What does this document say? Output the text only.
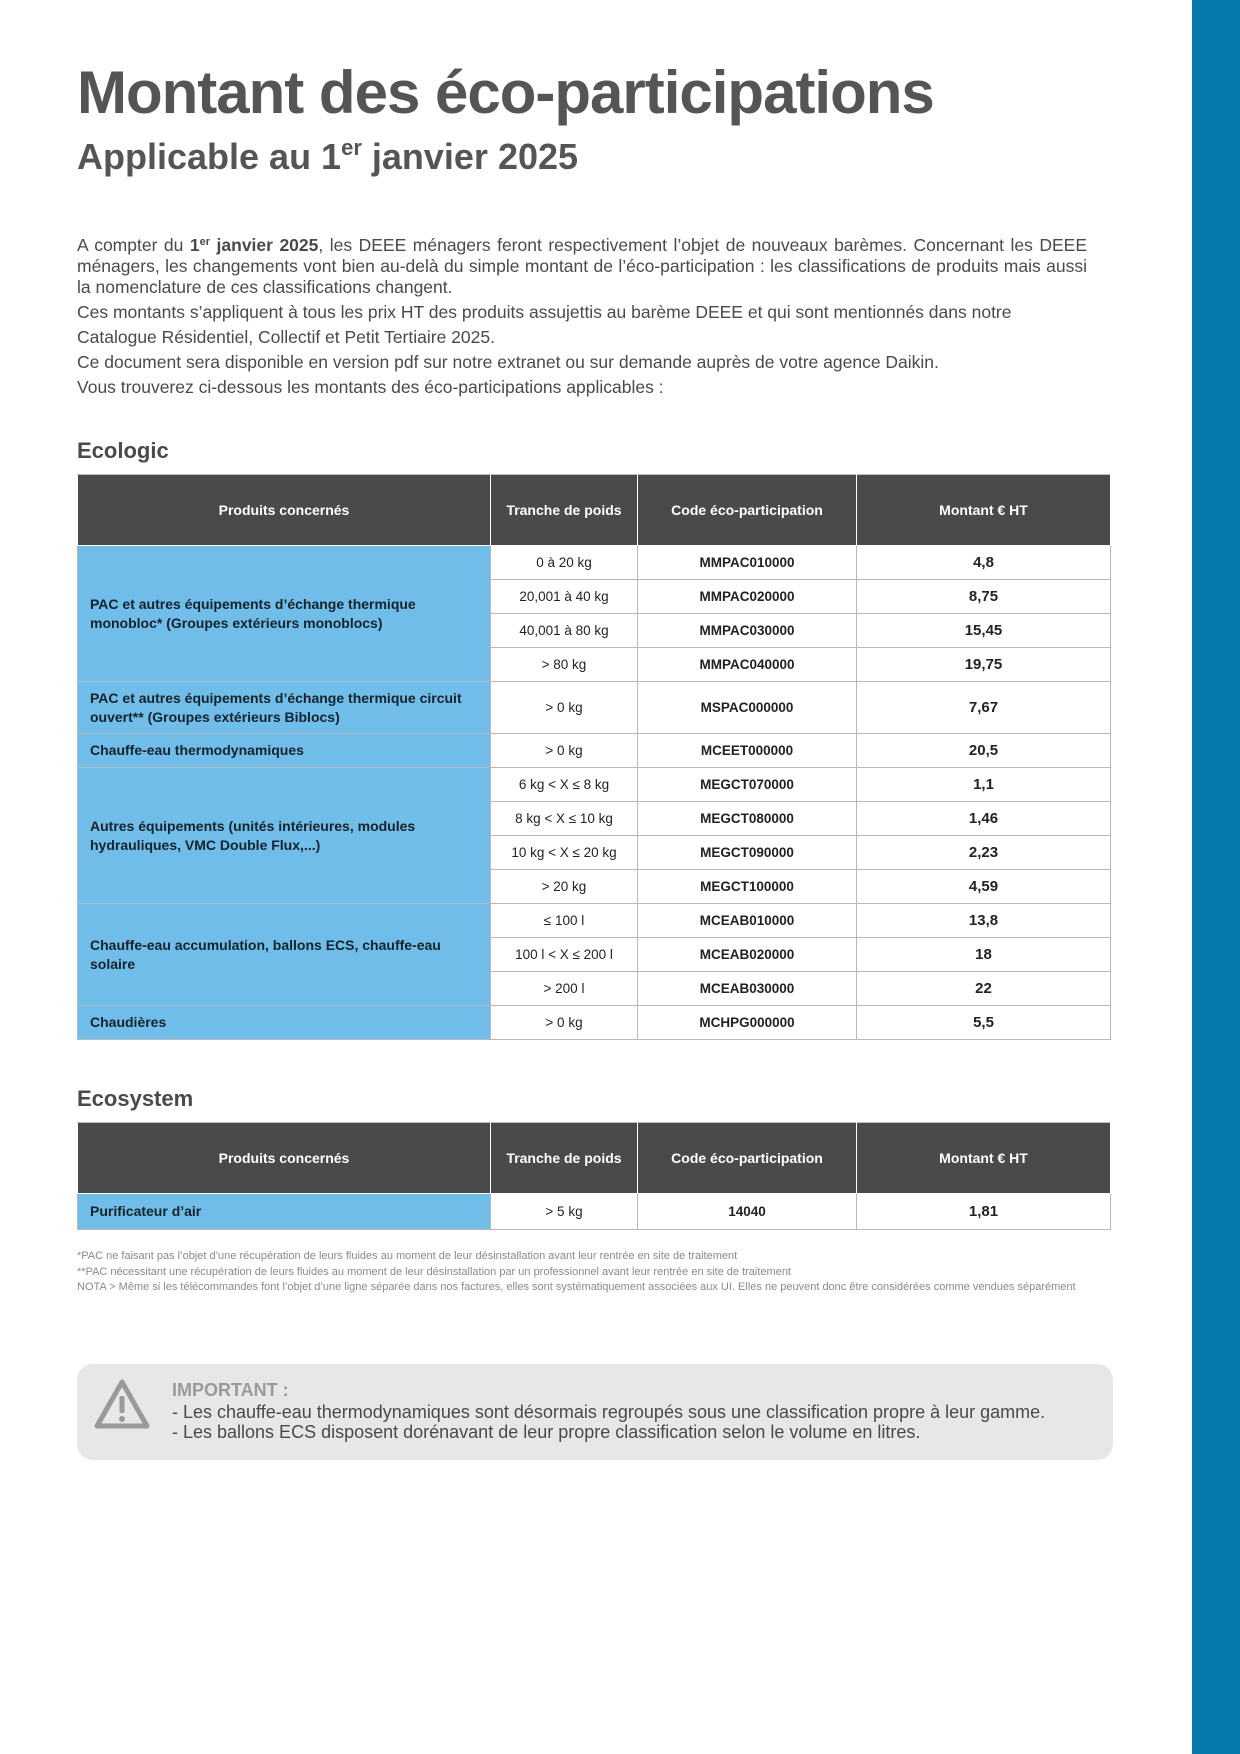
Montant des éco-participations
Applicable au 1er janvier 2025

A compter du 1er janvier 2025, les DEEE ménagers feront respectivement l’objet de nouveaux barèmes. Concernant les DEEE ménagers, les changements vont bien au-delà du simple montant de l’éco-participation : les classifications de produits mais aussi la nomenclature de ces classifications changent.

Ces montants s’appliquent à tous les prix HT des produits assujettis au barème DEEE et qui sont mentionnés dans notre

Catalogue Résidentiel, Collectif et Petit Tertiaire 2025.

Ce document sera disponible en version pdf sur notre extranet ou sur demande auprès de votre agence Daikin.

Vous trouverez ci-dessous les montants des éco-participations applicables :

Ecologic
Produits concernés	Tranche de poids	Code éco-participation	Montant € HT
PAC et autres équipements d’échange thermique monobloc* (Groupes extérieurs monoblocs)	0 à 20 kg	MMPAC010000	4,8
	20,001 à 40 kg	MMPAC020000	8,75
	40,001 à 80 kg	MMPAC030000	15,45
	> 80 kg	MMPAC040000	19,75
PAC et autres équipements d’échange thermique circuit ouvert** (Groupes extérieurs Biblocs)	> 0 kg	MSPAC000000	7,67
Chauffe-eau thermodynamiques	> 0 kg	MCEET000000	20,5
Autres équipements (unités intérieures, modules hydrauliques, VMC Double Flux,...)	6 kg < X ≤ 8 kg	MEGCT070000	1,1
	8 kg < X ≤ 10 kg	MEGCT080000	1,46
	10 kg < X ≤ 20 kg	MEGCT090000	2,23
	> 20 kg	MEGCT100000	4,59
Chauffe-eau accumulation, ballons ECS, chauffe-eau solaire	≤ 100 l	MCEAB010000	13,8
	100 l < X ≤ 200 l	MCEAB020000	18
	> 200 l	MCEAB030000	22
Chaudières	> 0 kg	MCHPG000000	5,5
Ecosystem
Produits concernés	Tranche de poids	Code éco-participation	Montant € HT
Purificateur d’air	> 5 kg	14040	1,81

*PAC ne faisant pas l’objet d’une récupération de leurs fluides au moment de leur désinstallation avant leur rentrée en site de traitement

**PAC nécessitant une récupération de leurs fluides au moment de leur désinstallation par un professionnel avant leur rentrée en site de traitement

NOTA > Même si les télécommandes font l’objet d’une ligne séparée dans nos factures, elles sont systématiquement associées aux UI. Elles ne peuvent donc être considérées comme vendues séparément

IMPORTANT :
- Les chauffe-eau thermodynamiques sont désormais regroupés sous une classification propre à leur gamme.
- Les ballons ECS disposent dorénavant de leur propre classification selon le volume en litres.
